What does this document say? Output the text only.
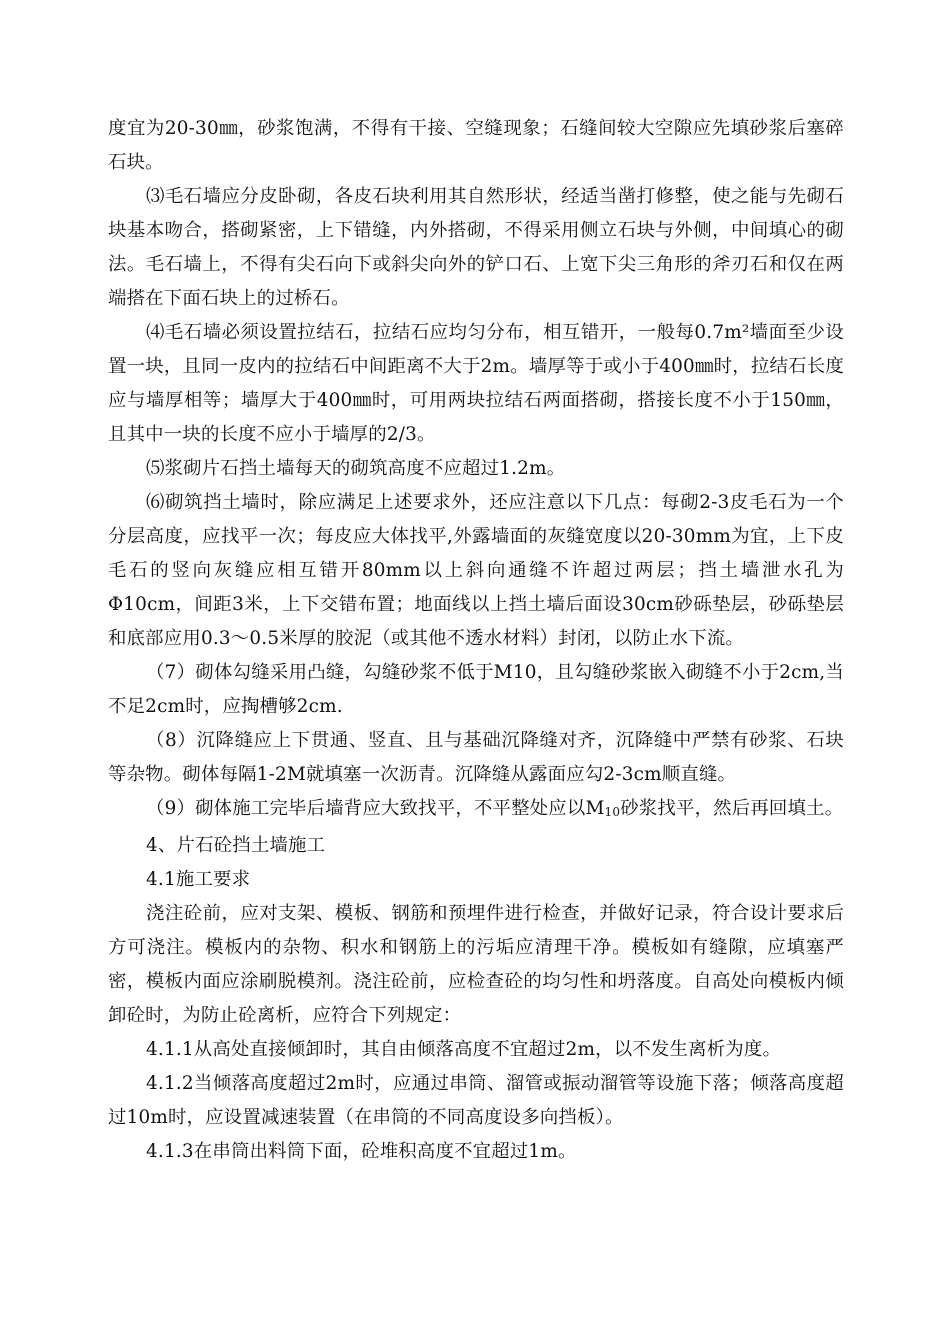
度宜为20-30㎜，砂浆饱满，不得有干接、空缝现象；石缝间较大空隙应先填砂浆后塞碎石块。

⑶毛石墙应分皮卧砌，各皮石块利用其自然形状，经适当凿打修整，使之能与先砌石块基本吻合，搭砌紧密，上下错缝，内外搭砌，不得采用侧立石块与外侧，中间填心的砌法。毛石墙上，不得有尖石向下或斜尖向外的铲口石、上宽下尖三角形的斧刃石和仅在两端搭在下面石块上的过桥石。

⑷毛石墙必须设置拉结石，拉结石应均匀分布，相互错开，一般每0.7m²墙面至少设置一块，且同一皮内的拉结石中间距离不大于2m。墙厚等于或小于400㎜时，拉结石长度应与墙厚相等；墙厚大于400㎜时，可用两块拉结石两面搭砌，搭接长度不小于150㎜，且其中一块的长度不应小于墙厚的2/3。

⑸浆砌片石挡土墙每天的砌筑高度不应超过1.2m。

⑹砌筑挡土墙时，除应满足上述要求外，还应注意以下几点：每砌2-3皮毛石为一个分层高度，应找平一次；每皮应大体找平,外露墙面的灰缝宽度以20-30mm为宜，上下皮毛石的竖向灰缝应相互错开80mm以上斜向通缝不许超过两层；挡土墙泄水孔为Φ10cm，间距3米，上下交错布置；地面线以上挡土墙后面设30cm砂砾垫层，砂砾垫层和底部应用0.3～0.5米厚的胶泥（或其他不透水材料）封闭，以防止水下流。

（7）砌体勾缝采用凸缝，勾缝砂浆不低于M10，且勾缝砂浆嵌入砌缝不小于2cm,当不足2cm时，应掏槽够2cm.

（8）沉降缝应上下贯通、竖直、且与基础沉降缝对齐，沉降缝中严禁有砂浆、石块等杂物。砌体每隔1-2M就填塞一次沥青。沉降缝从露面应勾2-3cm顺直缝。

（9）砌体施工完毕后墙背应大致找平，不平整处应以M10砂浆找平，然后再回填土。

4、片石砼挡土墙施工

4.1施工要求

浇注砼前，应对支架、模板、钢筋和预埋件进行检查，并做好记录，符合设计要求后方可浇注。模板内的杂物、积水和钢筋上的污垢应清理干净。模板如有缝隙，应填塞严密，模板内面应涂刷脱模剂。浇注砼前，应检查砼的均匀性和坍落度。自高处向模板内倾卸砼时，为防止砼离析，应符合下列规定：

4.1.1从高处直接倾卸时，其自由倾落高度不宜超过2m，以不发生离析为度。

4.1.2当倾落高度超过2m时，应通过串筒、溜管或振动溜管等设施下落；倾落高度超过10m时，应设置减速装置（在串筒的不同高度设多向挡板）。

4.1.3在串筒出料筒下面，砼堆积高度不宜超过1m。
